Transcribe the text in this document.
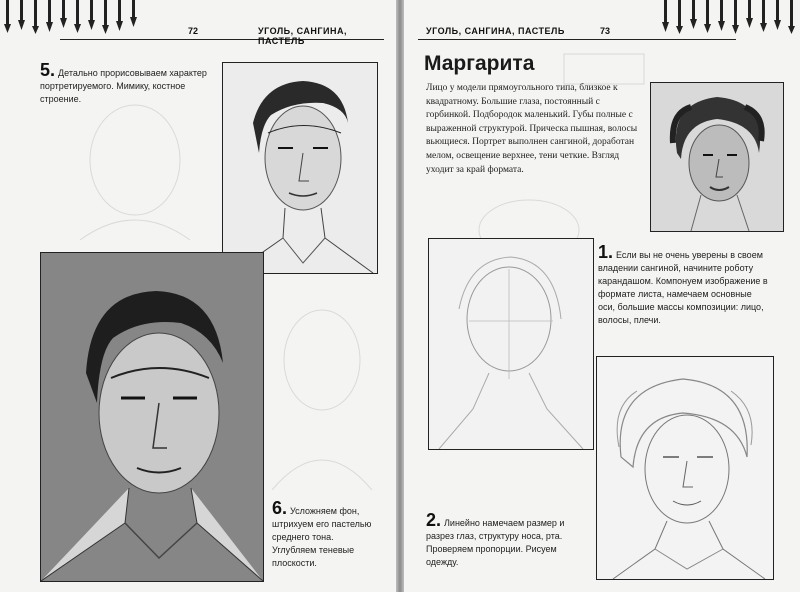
72	УГОЛЬ, САНГИНА, ПАСТЕЛЬ
5. Детально прорисовываем характер портретируемого. Мимику, костное строение.
6. Усложняем фон, штрихуем его пастелью среднего тона. Углубляем теневые плоскости.
УГОЛЬ, САНГИНА, ПАСТЕЛЬ	73
Маргарита
Лицо у модели прямоугольного типа, близкое к квадратному. Большие глаза, постоянный с горбинкой. Подбородок маленький. Губы полные с выраженной структурой. Прическа пышная, волосы вьющиеся. Портрет выполнен сангиной, доработан мелом, освещение верхнее, тени четкие. Взгляд уходит за край формата.
1. Если вы не очень уверены в своем владении сангиной, начините роботу карандашом. Компонуем изображение в формате листа, намечаем основные оси, большие массы композиции: лицо, волосы, плечи.
2. Линейно намечаем размер и разрез глаз, структуру носа, рта. Проверяем пропорции. Рисуем одежду.
